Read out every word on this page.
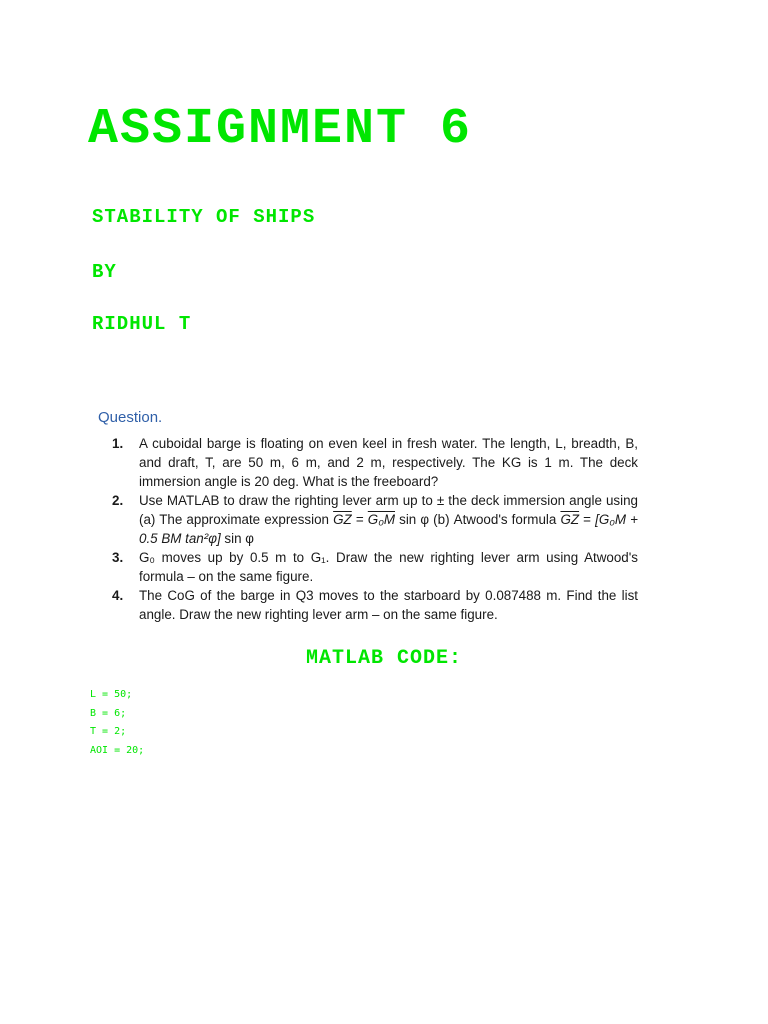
ASSIGNMENT 6

STABILITY OF SHIPS

BY

RIDHUL T

Question.

1. A cuboidal barge is floating on even keel in fresh water. The length, L, breadth, B, and draft, T, are 50 m, 6 m, and 2 m, respectively. The KG is 1 m. The deck immersion angle is 20 deg. What is the freeboard?
2. Use MATLAB to draw the righting lever arm up to ± the deck immersion angle using (a) The approximate expression $\overline{GZ} = G_0M$ sin φ (b) Atwood's formula $\overline{GZ} = [G_0M + 0.5$ BM tan²φ] sin φ
3. G₀ moves up by 0.5 m to G₁. Draw the new righting lever arm using Atwood's formula – on the same figure.
4. The CoG of the barge in Q3 moves to the starboard by 0.087488 m. Find the list angle. Draw the new righting lever arm – on the same figure.

MATLAB CODE:

L = 50;
B = 6;
T = 2;
AOI = 20;
